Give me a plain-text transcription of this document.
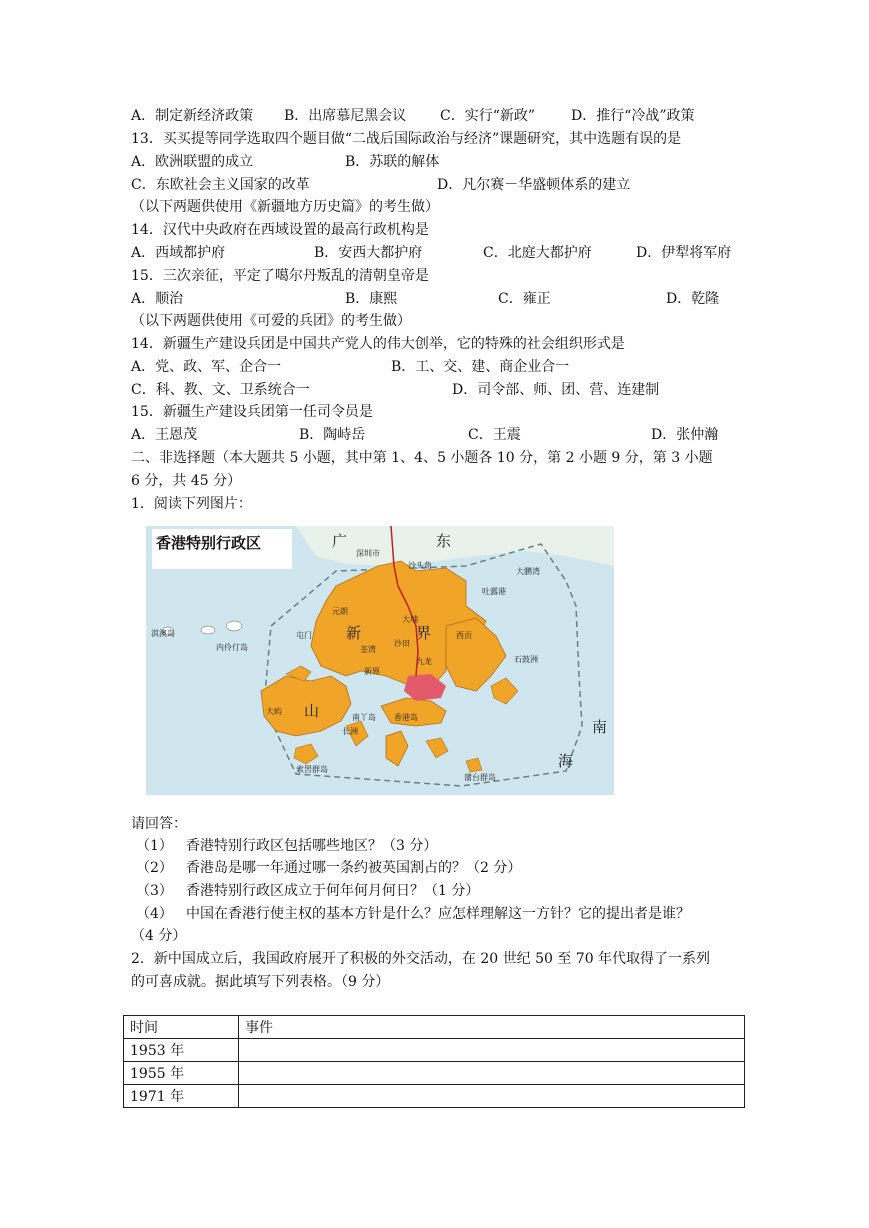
A．制定新经济政策 B．出席慕尼黑会议 C．实行“新政”	D．推行“冷战”政策
13．买买提等同学选取四个题目做“二战后国际政治与经济”课题研究，其中选题有误的是
A．欧洲联盟的成立	B．苏联的解体
C．东欧社会主义国家的改革	D．凡尔赛－华盛顿体系的建立
（以下两题供使用《新疆地方历史篇》的考生做）
14．汉代中央政府在西域设置的最高行政机构是
A．西域都护府	B．安西大都护府	C．北庭大都护府	D．伊犁将军府
15．三次亲征，平定了噶尔丹叛乱的清朝皇帝是
A．顺治	B．康熙	C．雍正	D．乾隆
（以下两题供使用《可爱的兵团》的考生做）
14．新疆生产建设兵团是中国共产党人的伟大创举，它的特殊的社会组织形式是
A．党、政、军、企合一	B．工、交、建、商企业合一
C．科、教、文、卫系统合一	D．司令部、师、团、营、连建制
15．新疆生产建设兵团第一任司令员是
A．王恩茂	B．陶峙岳	C．王震	D．张仲瀚
二、非选择题（本大题共 5 小题，其中第 1、4、5 小题各 10 分，第 2 小题 9 分，第 3 小题
6 分，共 45 分）
1．阅读下列图片：
香港特别行政区	广	东
深圳市
沙头角
元朗
屯门 新	界
大埔
西贡
荃湾
沙田
新界
九龙
吐露港
大鹏湾
石鼓洲
淇澳岛
内伶仃岛
大屿 山	南丫岛 香港岛
长洲
索罟群岛
蒲台群岛
南
海
请回答：
（1） 香港特别行政区包括哪些地区？（3 分）
（2） 香港岛是哪一年通过哪一条约被英国割占的？（2 分）
（3） 香港特别行政区成立于何年何月何日？（1 分）
（4） 中国在香港行使主权的基本方针是什么？应怎样理解这一方针？它的提出者是谁？
（4 分）
2．新中国成立后，我国政府展开了积极的外交活动，在 20 世纪 50 至 70 年代取得了一系列
的可喜成就。据此填写下列表格。（9 分）
时间	事件
1953 年	
1955 年	
1971 年	
